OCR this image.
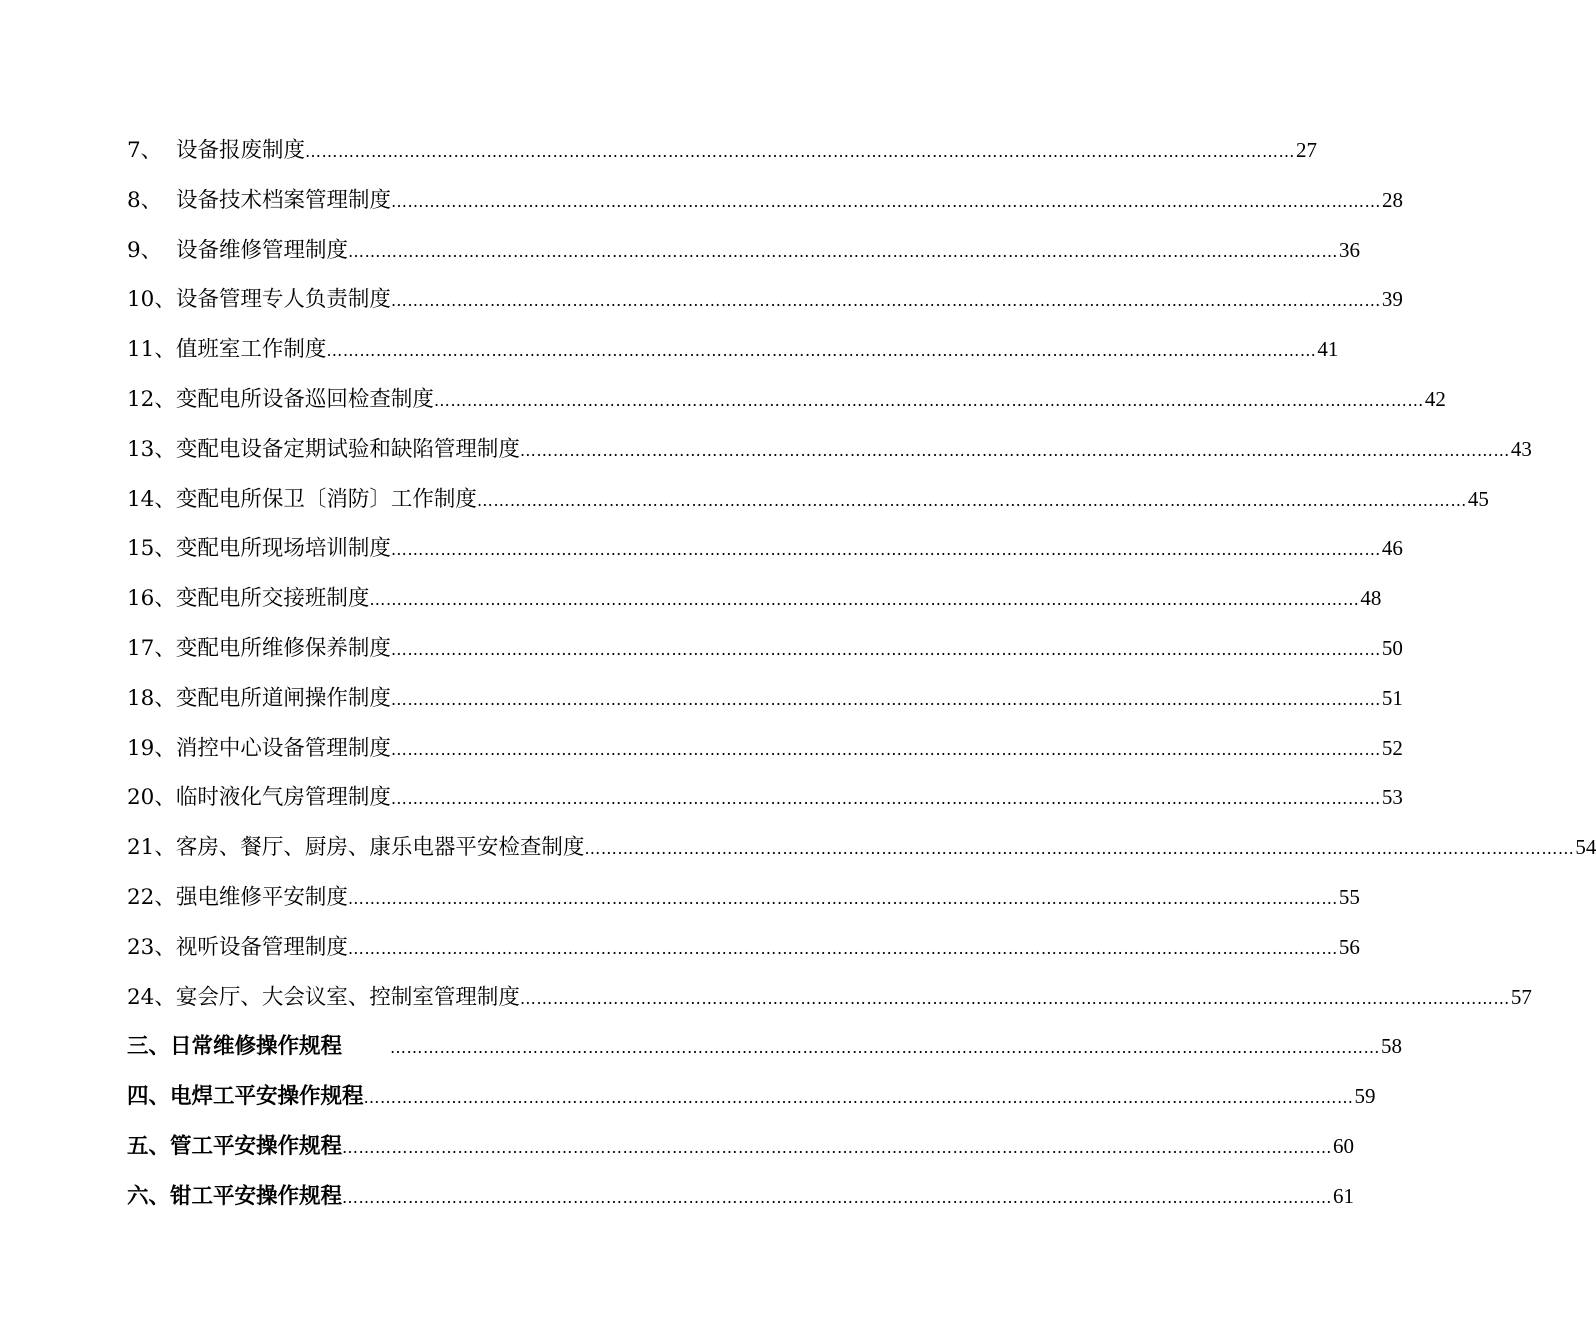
7、 设备报废制度 ……………………………………………………………………………………………………………………………………………………………… 27
8、 设备技术档案管理制度 ……………………………………………………………………………………………………………………………………………………………… 28
9、 设备维修管理制度 ……………………………………………………………………………………………………………………………………………………………… 36
10、 设备管理专人负责制度 ……………………………………………………………………………………………………………………………………………………………… 39
11、 值班室工作制度 ……………………………………………………………………………………………………………………………………………………………… 41
12、 变配电所设备巡回检查制度 ……………………………………………………………………………………………………………………………………………………………… 42
13、 变配电设备定期试验和缺陷管理制度 ……………………………………………………………………………………………………………………………………………………………… 43
14、 变配电所保卫〔消防〕工作制度 ……………………………………………………………………………………………………………………………………………………………… 45
15、 变配电所现场培训制度 ……………………………………………………………………………………………………………………………………………………………… 46
16、 变配电所交接班制度 ……………………………………………………………………………………………………………………………………………………………… 48
17、 变配电所维修保养制度 ……………………………………………………………………………………………………………………………………………………………… 50
18、 变配电所道闸操作制度 ……………………………………………………………………………………………………………………………………………………………… 51
19、 消控中心设备管理制度 ……………………………………………………………………………………………………………………………………………………………… 52
20、 临时液化气房管理制度 ……………………………………………………………………………………………………………………………………………………………… 53
21、 客房、餐厅、厨房、康乐电器平安检查制度 ……………………………………………………………………………………………………………………………………………………………… 54
22、 强电维修平安制度 ……………………………………………………………………………………………………………………………………………………………… 55
23、 视听设备管理制度 ……………………………………………………………………………………………………………………………………………………………… 56
24、 宴会厅、大会议室、控制室管理制度 ……………………………………………………………………………………………………………………………………………………………… 57
三、 日常维修操作规程	……………………………………………………………………………………………………………………………………………………………… 58
四、 电焊工平安操作规程 ……………………………………………………………………………………………………………………………………………………………… 59
五、 管工平安操作规程 ……………………………………………………………………………………………………………………………………………………………… 60
六、 钳工平安操作规程 ……………………………………………………………………………………………………………………………………………………………… 61
